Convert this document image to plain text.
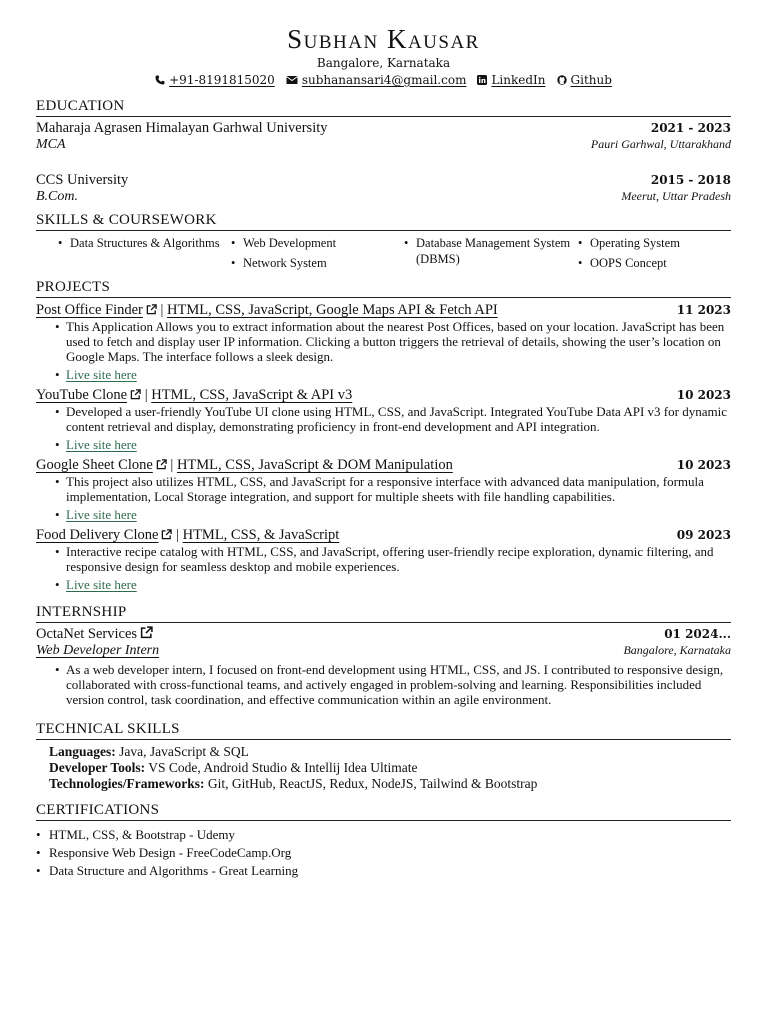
Subhan Kausar
Bangalore, Karnataka
+91-8191815020 subhanansari4@gmail.com LinkedIn Github
EDUCATION
Maharaja Agrasen Himalayan Garhwal University	2021 - 2023
MCA	Pauri Garhwal, Uttarakhand
CCS University	2015 - 2018
B.Com.	Meerut, Uttar Pradesh
SKILLS & COURSEWORK
• Data Structures & Algorithms
•	Web Development
• Network System
• Database Management System (DBMS)
• Operating System
• OOPS Concept
PROJECTS
Post Office Finder | HTML, CSS, JavaScript, Google Maps API & Fetch API	11 2023
• This Application Allows you to extract information about the nearest Post Offices, based on your location. JavaScript has been used to fetch and display user IP information. Clicking a button triggers the retrieval of details, showing the user’s location on Google Maps. The interface follows a sleek design.
• Live site here
YouTube Clone | HTML, CSS, JavaScript & API v3	10 2023
• Developed a user-friendly YouTube UI clone using HTML, CSS, and JavaScript. Integrated YouTube Data API v3 for dynamic content retrieval and display, demonstrating proficiency in front-end development and API integration.
• Live site here
Google Sheet Clone | HTML, CSS, JavaScript & DOM Manipulation	10 2023
• This project also utilizes HTML, CSS, and JavaScript for a responsive interface with advanced data manipulation, formula implementation, Local Storage integration, and support for multiple sheets with file handling capabilities.
• Live site here
Food Delivery Clone | HTML, CSS, & JavaScript	09 2023
• Interactive recipe catalog with HTML, CSS, and JavaScript, offering user-friendly recipe exploration, dynamic filtering, and responsive design for seamless desktop and mobile experiences.
• Live site here
INTERNSHIP
OctaNet Services	01 2024...
Web Developer Intern	Bangalore, Karnataka
• As a web developer intern, I focused on front-end development using HTML, CSS, and JS. I contributed to responsive design, collaborated with cross-functional teams, and actively engaged in problem-solving and learning. Responsibilities included version control, task coordination, and effective communication within an agile environment.
TECHNICAL SKILLS
Languages: Java, JavaScript & SQL
Developer Tools: VS Code, Android Studio & Intellij Idea Ultimate
Technologies/Frameworks: Git, GitHub, ReactJS, Redux, NodeJS, Tailwind & Bootstrap
CERTIFICATIONS
• HTML, CSS, & Bootstrap - Udemy
• Responsive Web Design - FreeCodeCamp.Org
• Data Structure and Algorithms - Great Learning
